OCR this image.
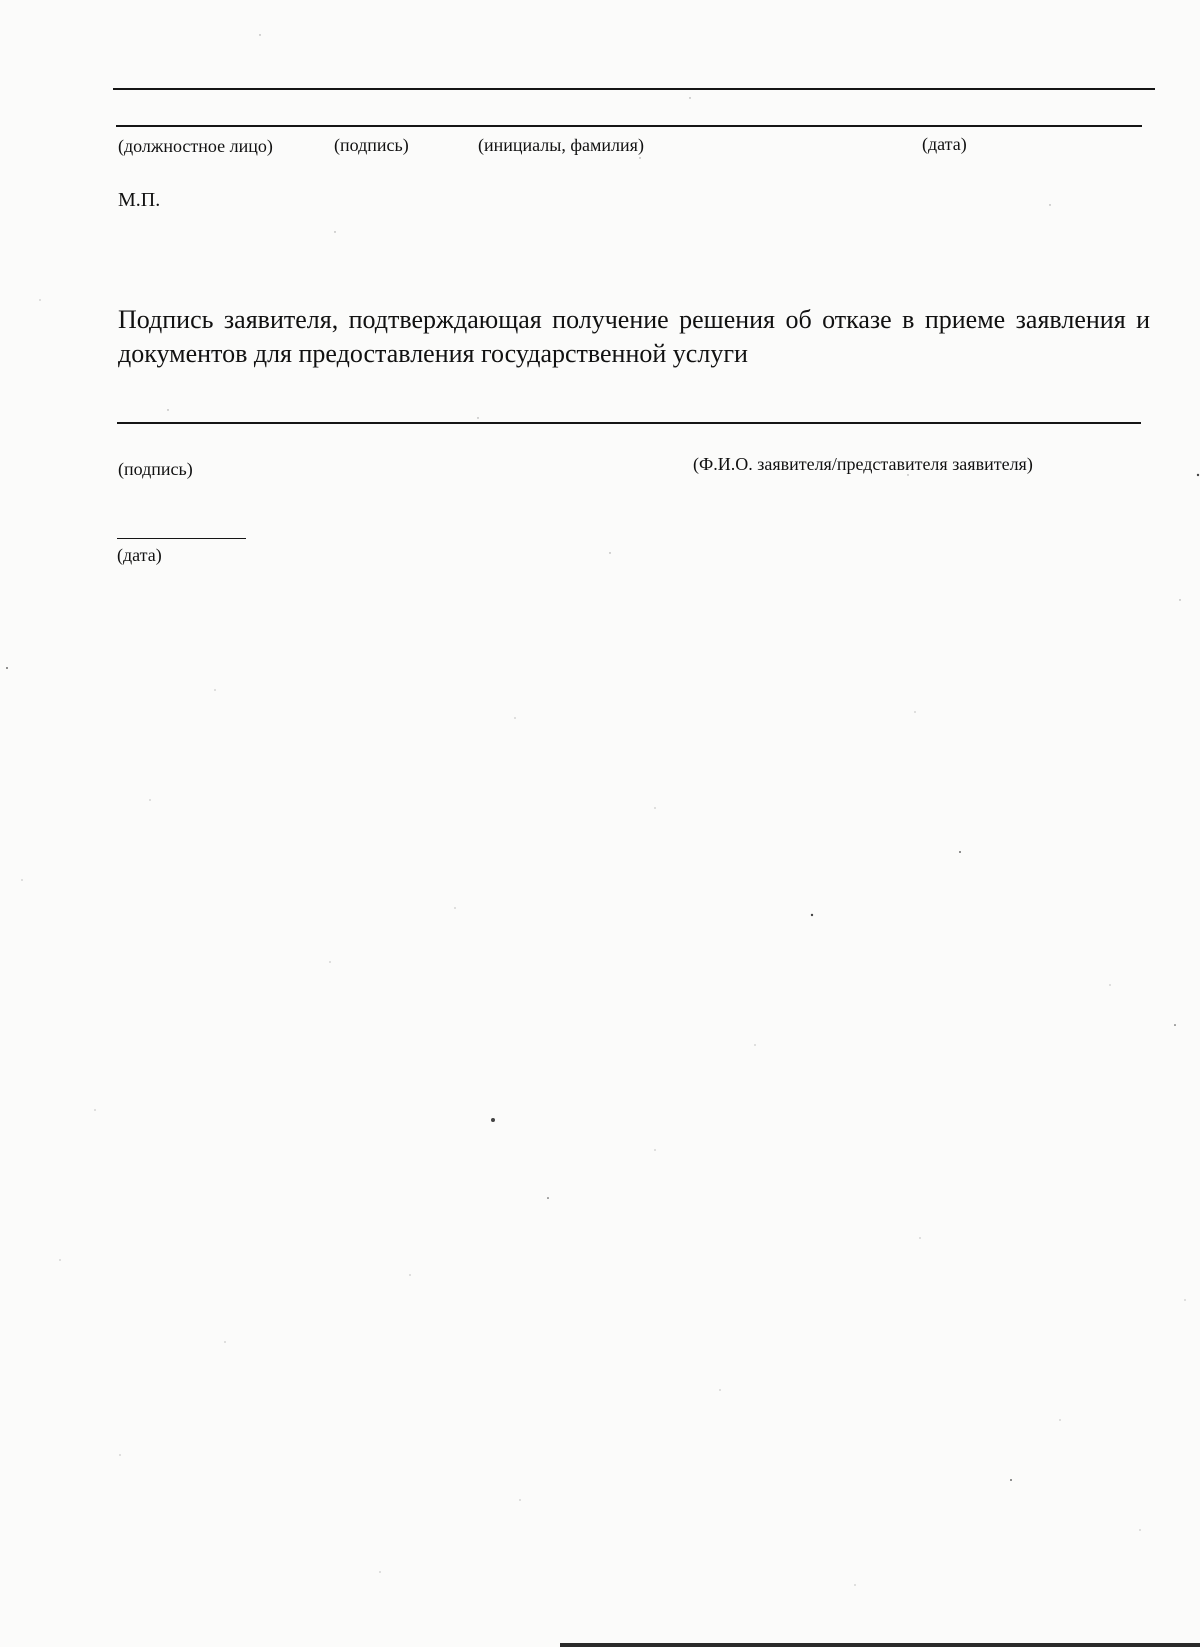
(должностное лицо)	(подпись)	(инициалы, фамилия)	(дата)
М.П.
Подпись заявителя, подтверждающая получение решения об отказе в приеме заявления и документов для предоставления государственной услуги
(подпись)	(Ф.И.О. заявителя/представителя заявителя)
(дата)
